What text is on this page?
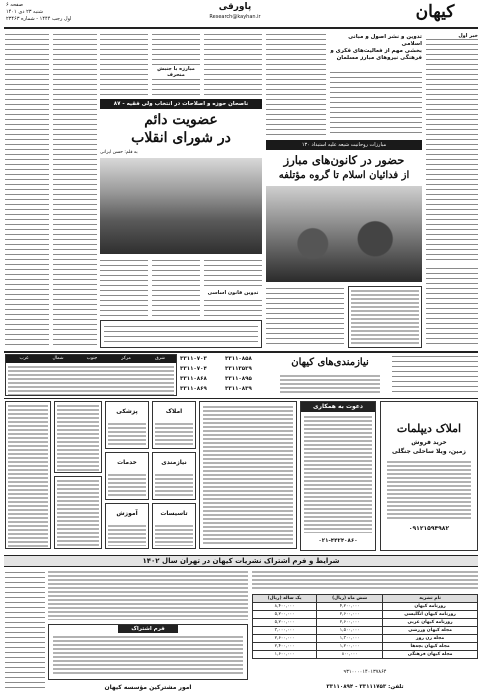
صفحه ۶
شنبه ۲۳ دی ۱۴۰۱
اول رجب ۱۴۴۴ - شماره ۲۳۴۶۳
پاورقی
Research@kayhan.ir	کیهان
مبارزه با جنبش منحرف
ناصحان حوزه و اصلاحات در انتخاب ولی فقیه - ۸۷
عضویت دائم
در شورای انقلاب
به قلم: حسن ایرانی
تدوین قانون اساسی
تدوین و نشر اصول و مبانی اسلامی
بخشی مهم از فعالیت‌های فکری و
فرهنگی نیروهای مبارز مسلمان
خبر اول
مبارزات روحانیت شیعه علیه استبداد ۱۳۰
حضور در کانون‌های مبارز
از فدائیان اسلام تا گروه مؤتلفه
۳۳۱۱۰۷۰۳
۳۳۱۱۰۷۰۴
۳۳۱۱۰۸۶۸
۳۳۱۱۰۸۶۹
۳۳۱۱۰۸۵۸
۳۳۱۱۳۵۲۹
۳۳۱۱۰۸۹۵
۳۳۱۱۰۸۳۹
نیازمندی‌های کیهان
غرب	شمال	جنوب	مرکز	شرق
پزشکی
خدمات
آموزش
املاک
نیازمندی
تاسیسات
دعوت به همکاری
۰۲۱-۴۴۲۴۰۸۶۰
املاک دیپلمات
خرید فروش
زمین، ویلا ساحلی جنگلی
۰۹۱۲۱۵۹۴۹۸۲
شرایط و فرم اشتراک نشریات کیهان در تهران سال ۱۴۰۲
فرم اشتراک
امور مشترکین مؤسسه کیهان
یک ساله (ریال)	شش ماه (ریال)	نام نشریه
۸,۴۰۰,۰۰۰	۴,۲۰۰,۰۰۰	روزنامه کیهان
۵,۲۰۰,۰۰۰	۲,۶۰۰,۰۰۰	روزنامه کیهان انگلیسی
۵,۲۰۰,۰۰۰	۲,۶۰۰,۰۰۰	روزنامه کیهان عربی
۳,۰۰۰,۰۰۰	۱,۵۰۰,۰۰۰	مجله کیهان ورزشی
۲,۶۰۰,۰۰۰	۱,۳۰۰,۰۰۰	مجله زن روز
۲,۴۰۰,۰۰۰	۱,۲۰۰,۰۰۰	مجله کیهان بچه‌ها
۱,۶۰۰,۰۰۰	۸۰۰,۰۰۰	مجله کیهان فرهنگی
۹۳۱۰۰۰۰۱۴۰۱۳۷۸۶۴
تلفن: ۳۳۱۱۱۷۵۳ - ۳۳۱۱۰۸۹۴
